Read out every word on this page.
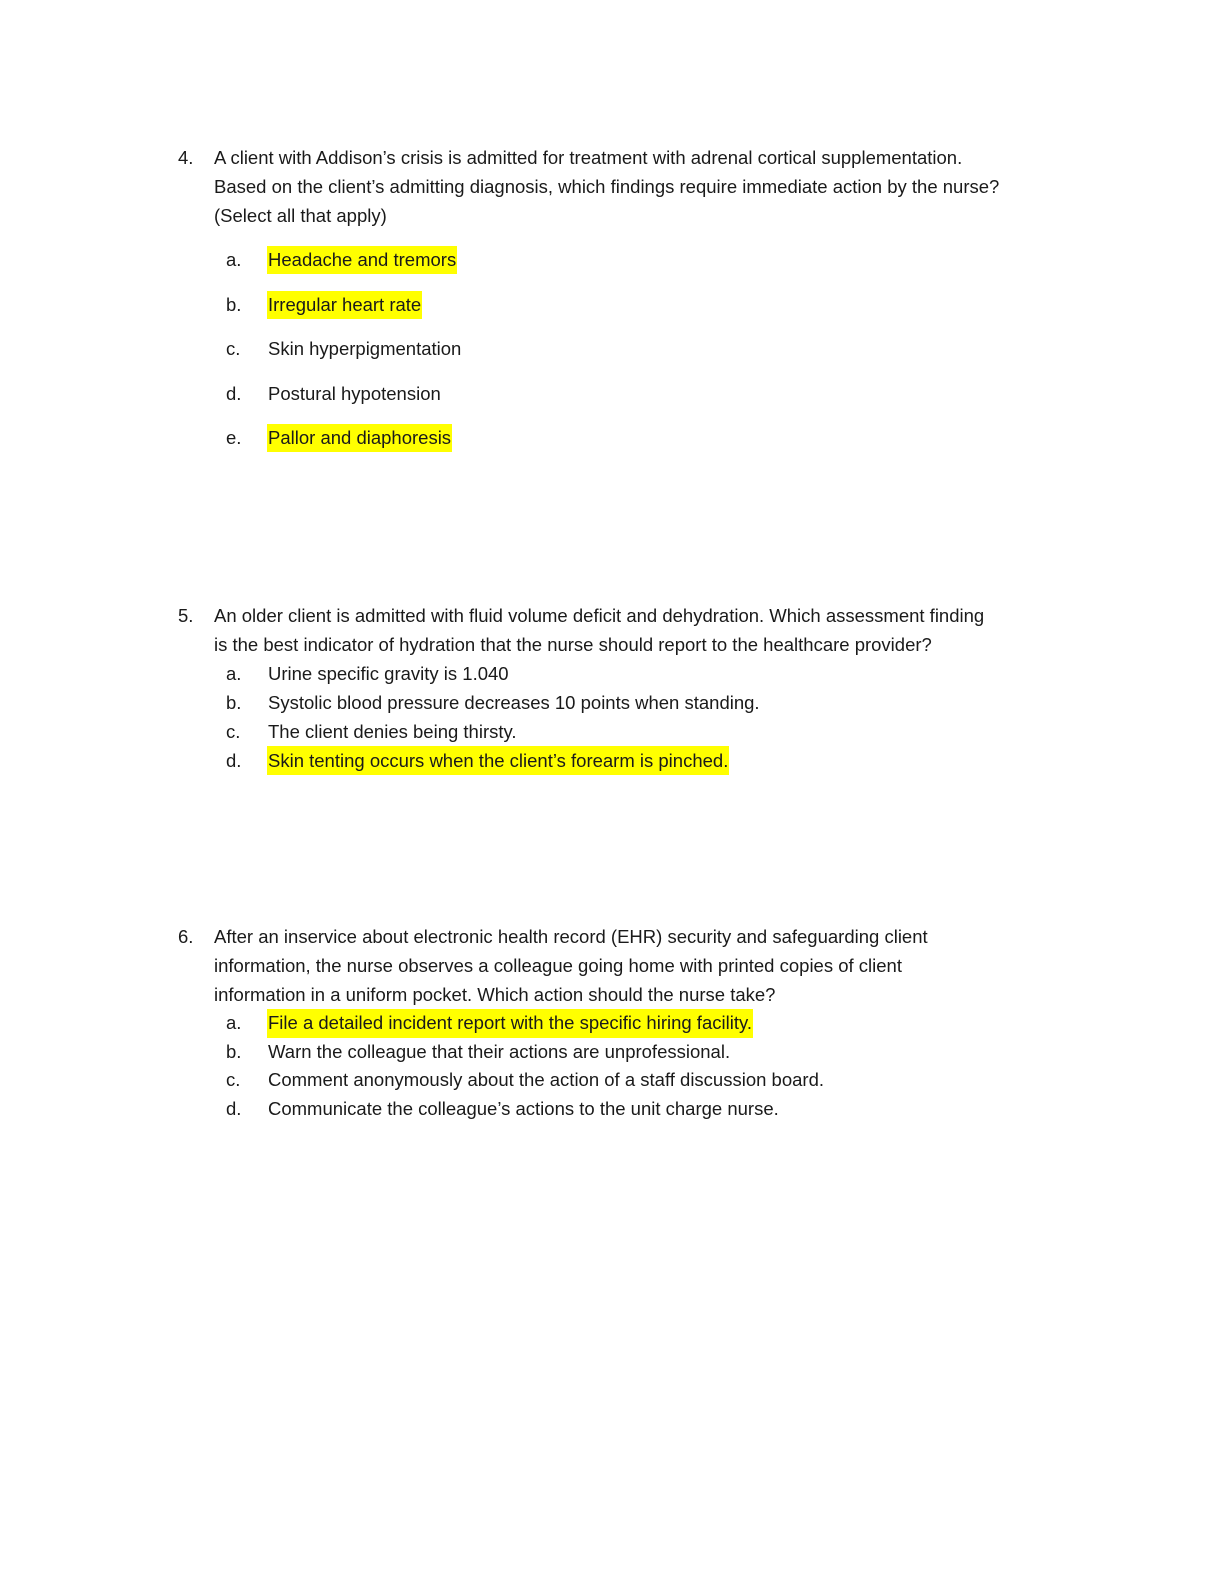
4. A client with Addison’s crisis is admitted for treatment with adrenal cortical supplementation.
Based on the client’s admitting diagnosis, which findings require immediate action by the nurse?
(Select all that apply)
a. Headache and tremors
b. Irregular heart rate
c. Skin hyperpigmentation
d. Postural hypotension
e. Pallor and diaphoresis
5. An older client is admitted with fluid volume deficit and dehydration. Which assessment finding
is the best indicator of hydration that the nurse should report to the healthcare provider?
a. Urine specific gravity is 1.040
b. Systolic blood pressure decreases 10 points when standing.
c. The client denies being thirsty.
d. Skin tenting occurs when the client’s forearm is pinched.
6. After an inservice about electronic health record (EHR) security and safeguarding client
information, the nurse observes a colleague going home with printed copies of client
information in a uniform pocket. Which action should the nurse take?
a. File a detailed incident report with the specific hiring facility.
b. Warn the colleague that their actions are unprofessional.
c. Comment anonymously about the action of a staff discussion board.
d. Communicate the colleague’s actions to the unit charge nurse.
